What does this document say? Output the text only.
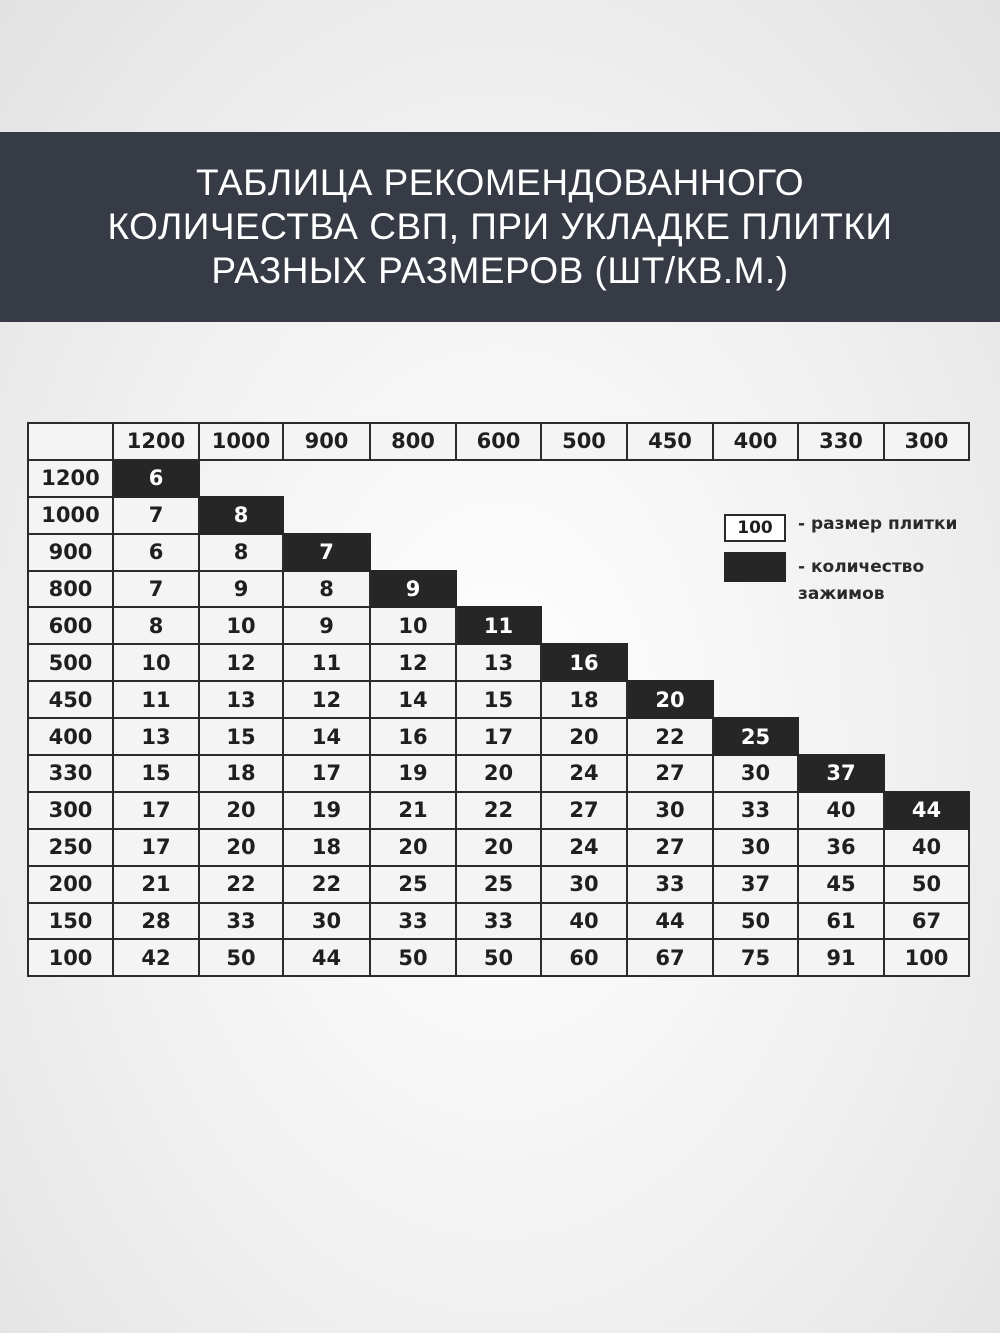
ТАБЛИЦА РЕКОМЕНДОВАННОГО
КОЛИЧЕСТВА СВП, ПРИ УКЛАДКЕ ПЛИТКИ
РАЗНЫХ РАЗМЕРОВ (ШТ/КВ.М.)
	1200	1000	900	800	600	500	450	400	330	300
1200	6									
1000	7	8								
900	6	8	7							
800	7	9	8	9						
600	8	10	9	10	11					
500	10	12	11	12	13	16				
450	11	13	12	14	15	18	20			
400	13	15	14	16	17	20	22	25		
330	15	18	17	19	20	24	27	30	37	
300	17	20	19	21	22	27	30	33	40	44
250	17	20	18	20	20	24	27	30	36	40
200	21	22	22	25	25	30	33	37	45	50
150	28	33	30	33	33	40	44	50	61	67
100	42	50	44	50	50	60	67	75	91	100
100	- размер плитки
- количество зажимов
